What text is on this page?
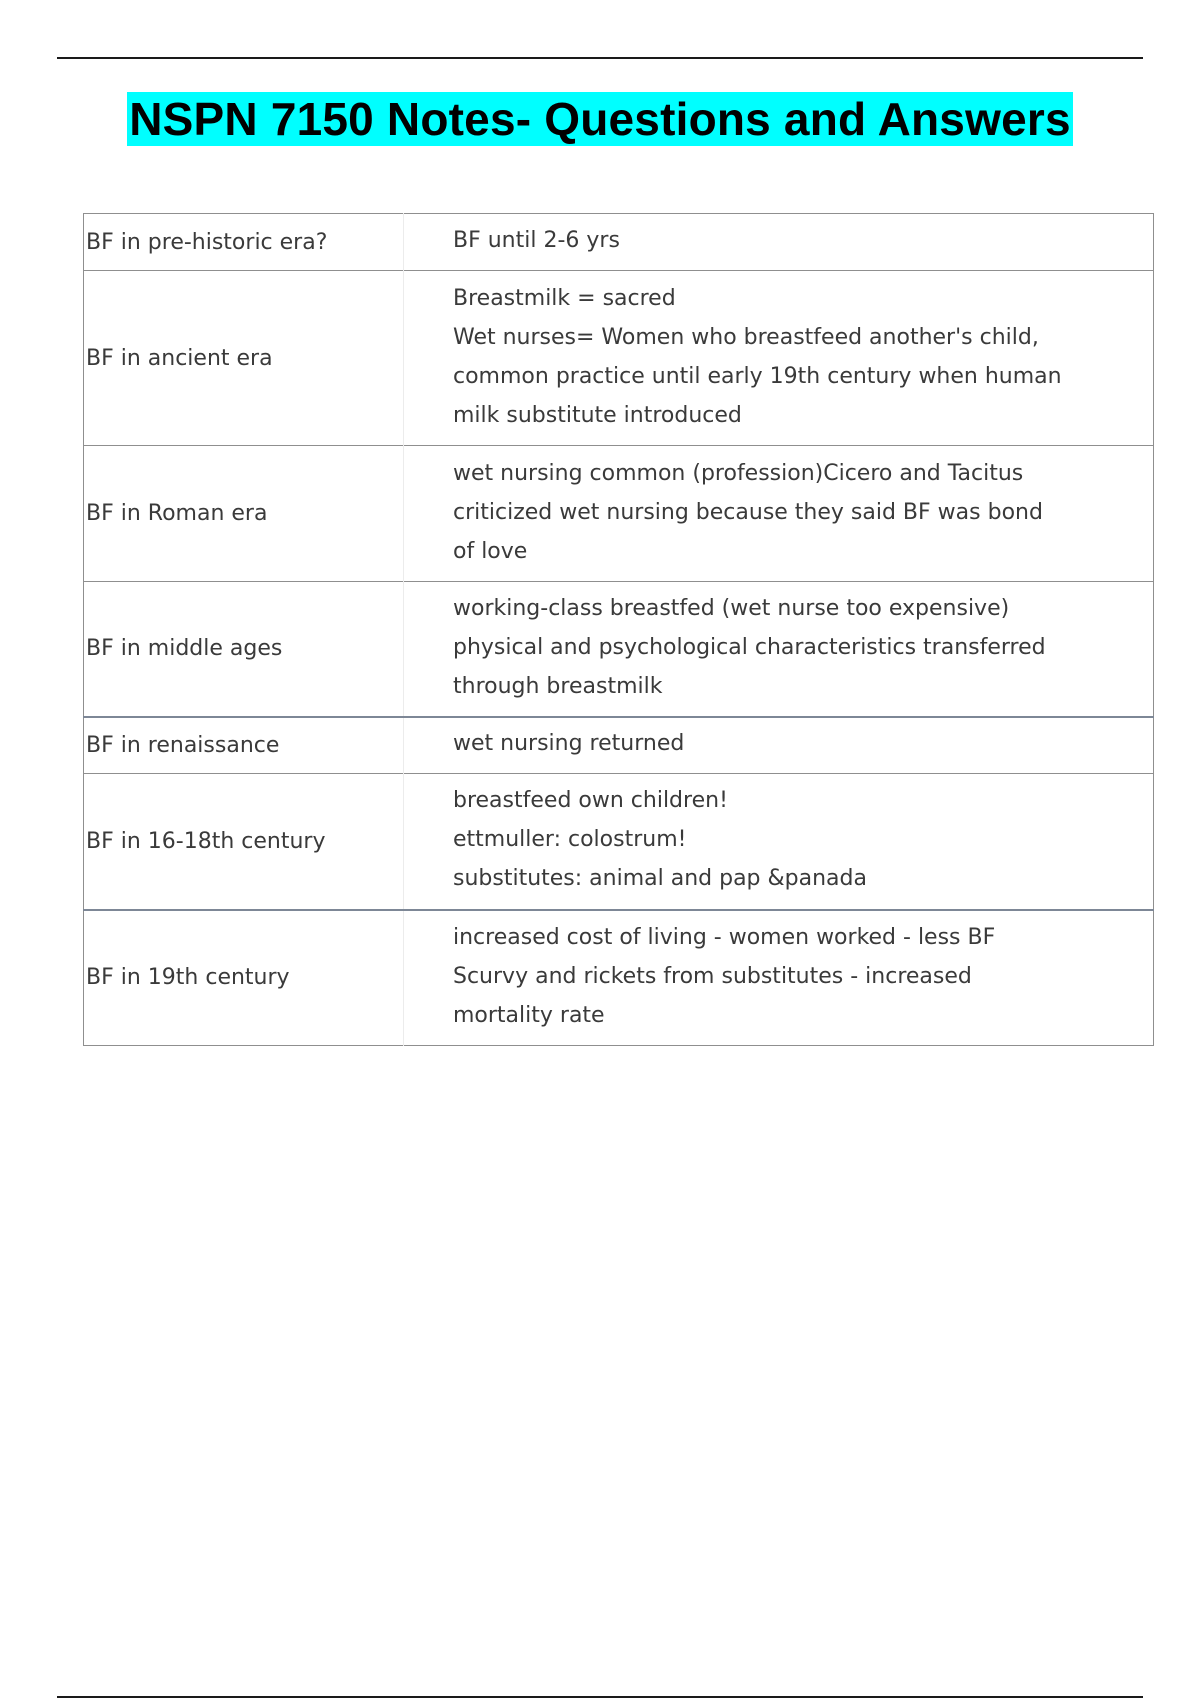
NSPN 7150 Notes- Questions and Answers
BF in pre-historic era?	BF until 2-6 yrs

BF in ancient era	Breastmilk = sacred
Wet nurses= Women who breastfeed another's child,
common practice until early 19th century when human
milk substitute introduced

BF in Roman era	wet nursing common (profession)Cicero and Tacitus
criticized wet nursing because they said BF was bond
of love

BF in middle ages	working-class breastfed (wet nurse too expensive)
physical and psychological characteristics transferred
through breastmilk

BF in renaissance	wet nursing returned

BF in 16-18th century	breastfeed own children!
ettmuller: colostrum!
substitutes: animal and pap &panada

BF in 19th century	increased cost of living - women worked - less BF
Scurvy and rickets from substitutes - increased
mortality rate
